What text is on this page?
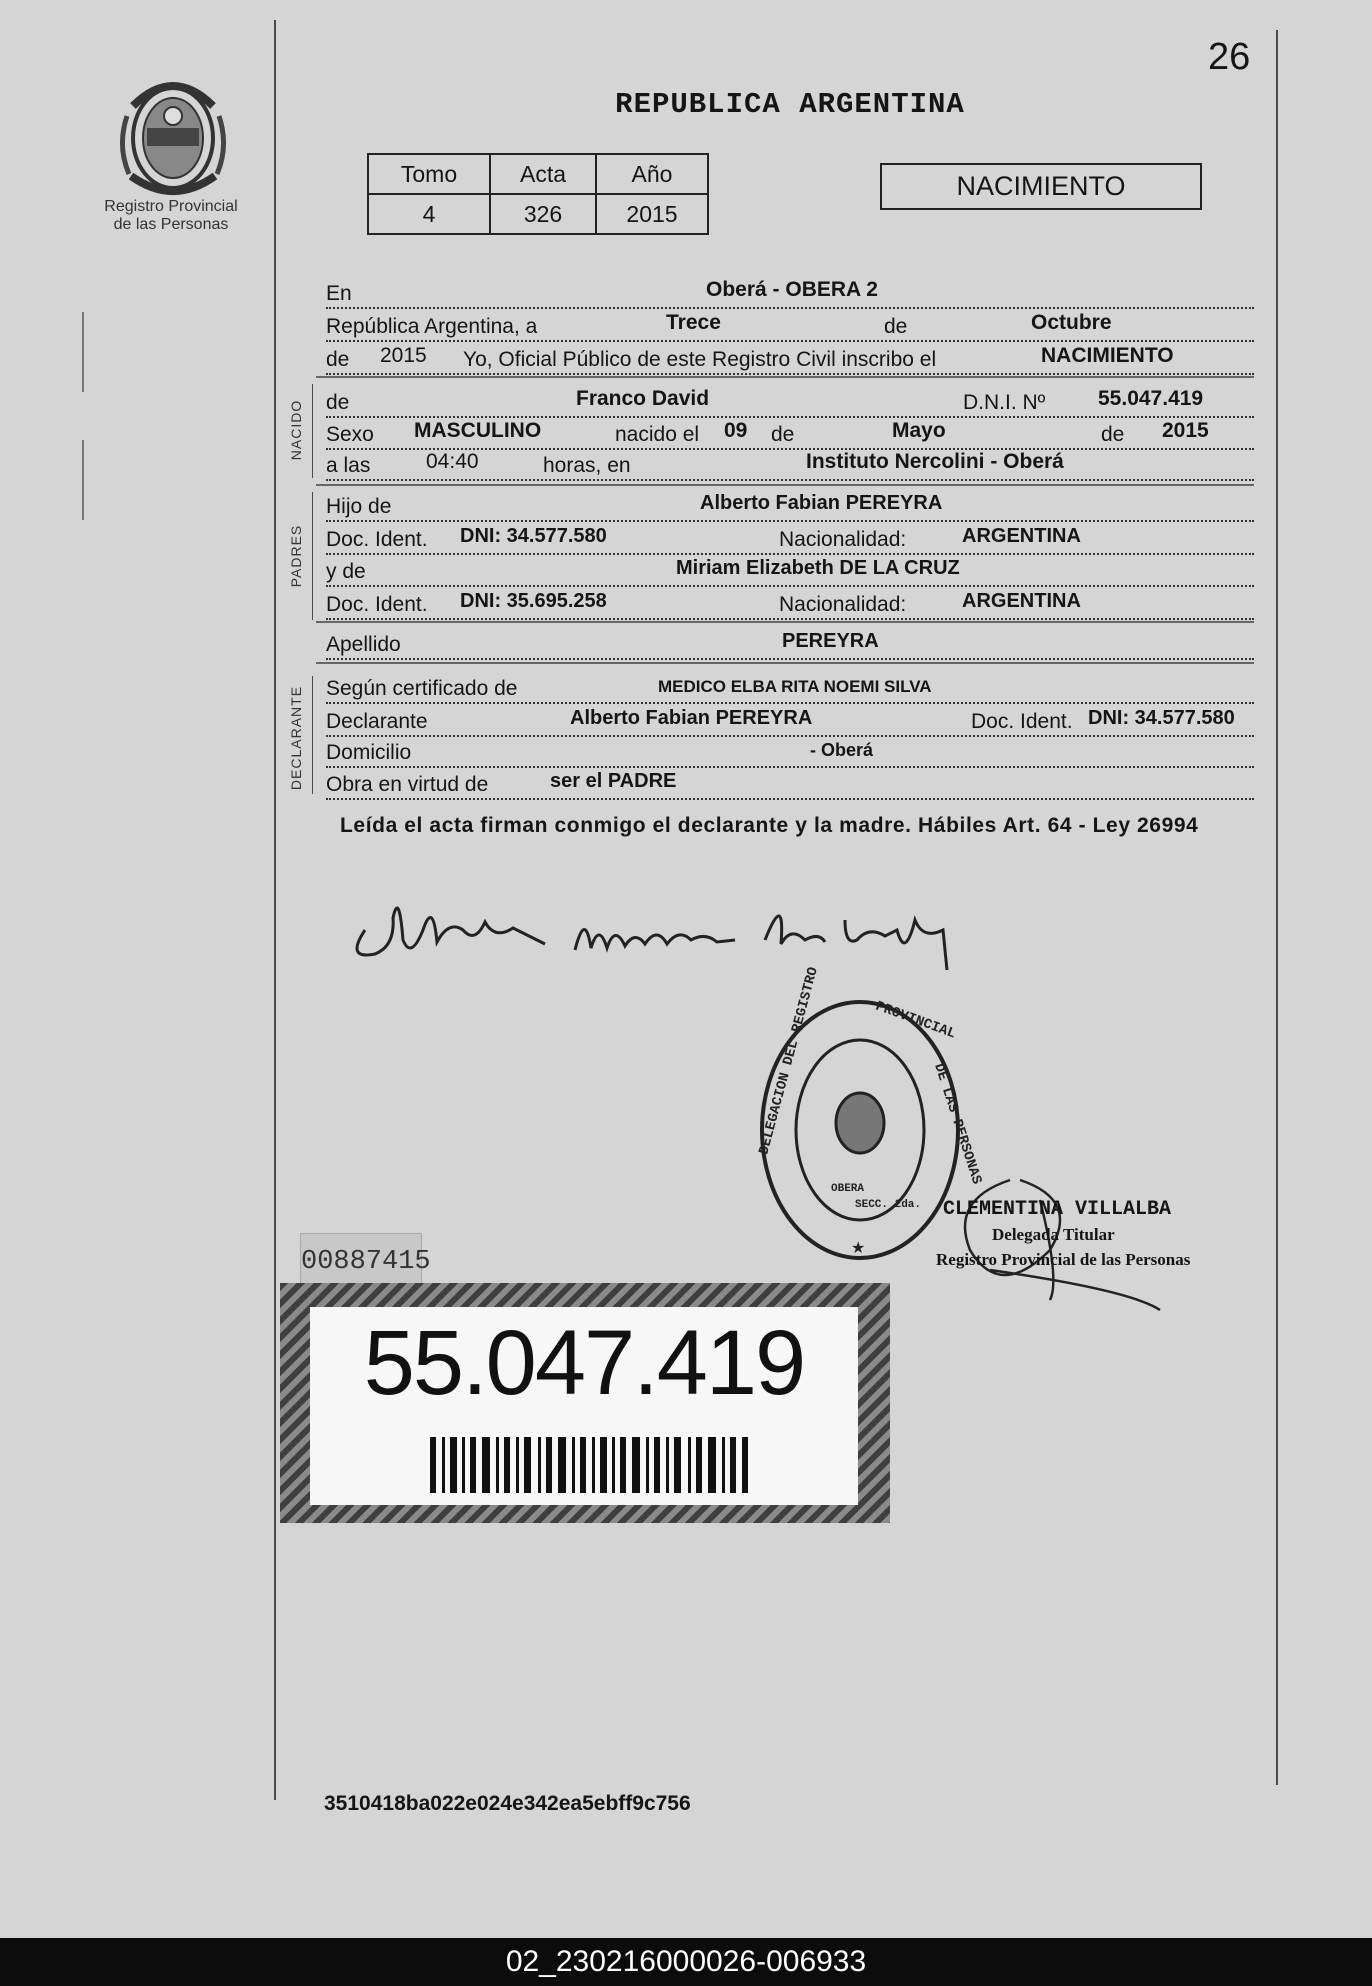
26
Registro Provincial
de las Personas
REPUBLICA ARGENTINA
Tomo	Acta	Año
4	326	2015
NACIMIENTO
En	Oberá - OBERA 2
República Argentina, a	Trece	de	Octubre
de 2015 Yo, Oficial Público de este Registro Civil inscribo el	NACIMIENTO
NACIDO de	Franco David	D.N.I. Nº	55.047.419
Sexo MASCULINO	nacido el 09 de	Mayo	de 2015
a las	04:40	horas, en	Instituto Nercolini - Oberá
PADRES
Hijo de	Alberto Fabian PEREYRA
Doc. Ident. DNI: 34.577.580	Nacionalidad:	ARGENTINA
y de	Miriam Elizabeth DE LA CRUZ
Doc. Ident. DNI: 35.695.258	Nacionalidad:	ARGENTINA
Apellido	PEREYRA
DECLARANTE Según certificado de	MEDICO ELBA RITA NOEMI SILVA
Declarante	Alberto Fabian PEREYRA	Doc. Ident. DNI: 34.577.580
Domicilio	- Oberá
Obra en virtud de	ser el PADRE
Leída el acta firman conmigo el declarante y la madre. Hábiles Art. 64 - Ley 26994
DELEGACION DEL REGISTRO	PROVINCIAL
DE LAS PERSONAS
OBERA
SECC. 2da.
★
CLEMENTINA VILLALBA
Delegada Titular
Registro Provincial de las Personas
00887415
55.047.419
3510418ba022e024e342ea5ebff9c756
02_230216000026-006933
